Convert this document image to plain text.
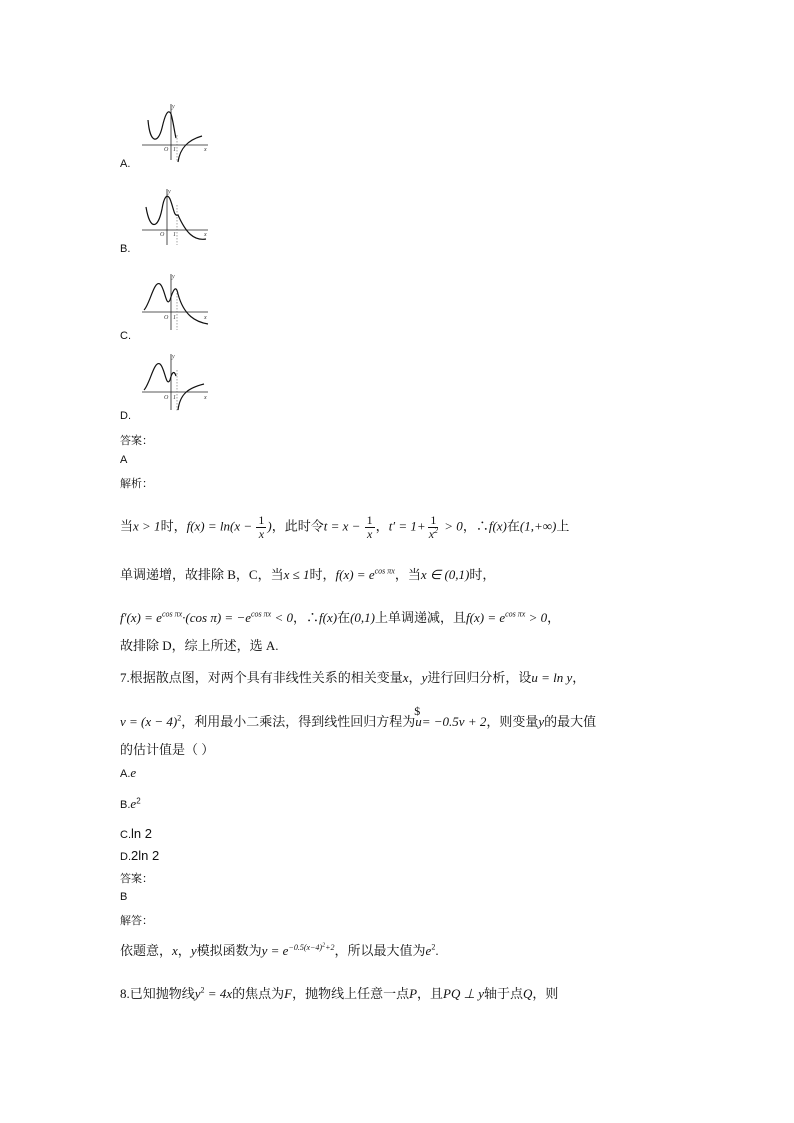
y
x
O 1
A.
y
x
O 1
B.
y
x
O 1
C.
y
x
O 1
D.
答案：
A
解析：
当x > 1时，$f(x) = \ln(x - \frac{1}{x}$ )，此时令$t = x - \frac{1}{x}$ ，$t' = 1+ \frac{1}{x^2} > 0$，∴f(x)在(1,+∞)上
单调递增，故排除 B，C，当x ≤ 1时，$f(x) = e^{cos \pi x}$，当x ∈ (0,1)时，
$f'(x) = e^{cos \pi x}\cdot(\cos$ $\pi) = -e^{cos \pi x} < 0$，∴f(x)在(0,1)上单调递减，且$f(x) = e^{cos \pi x} > 0$，
故排除 D，综上所述，选 A.
7.根据散点图，对两个具有非线性关系的相关变量x，y进行回归分析，设u = ln y，
$v = (x - 4)^2$，利用最小二乘法，得到线性回归方程为
$
u= −0.5v + 2，则变量y的最大值
的估计值是（ ）
A.e
$B.e^2$
C.ln 2
D.2ln 2
答案：
B
解答：
依题意，x，y模拟函数为$y = e^{-0.5(x-4)^2+2}$，所以最大值为$e^2$.
8.已知抛物线$y^2 = 4x$的焦点为F，抛物线上任意一点P，且PQ ⊥ y轴于点Q，则
